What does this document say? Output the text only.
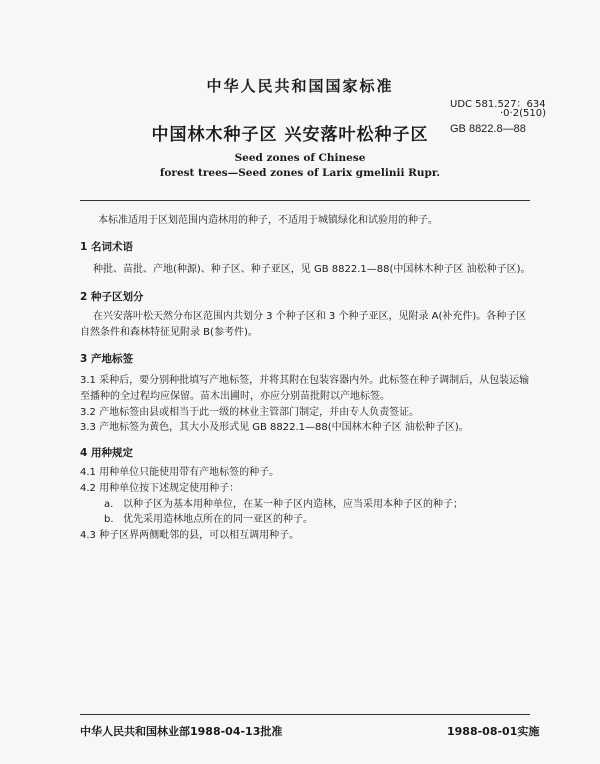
中华人民共和国国家标准
UDC 581.527：634
·0·2(510)
中国林木种子区 兴安落叶松种子区	GB 8822.8—88
Seed zones of Chinese
forest trees—Seed zones of Larix gmelinii Rupr.
本标准适用于区划范围内造林用的种子，不适用于城镇绿化和试验用的种子。
1 名词术语
种批、苗批、产地(种源)、种子区、种子亚区，见 GB 8822.1—88(中国林木种子区 油松种子区)。
2 种子区划分
在兴安落叶松天然分布区范围内共划分 3 个种子区和 3 个种子亚区，见附录 A(补充件)。各种子区
自然条件和森林特征见附录 B(参考件)。
3 产地标签
3.1 采种后，要分别种批填写产地标签，并将其附在包装容器内外。此标签在种子调制后，从包装运输
至播种的全过程均应保留。苗木出圃时，亦应分别苗批附以产地标签。
3.2 产地标签由县或相当于此一级的林业主管部门制定，并由专人负责签证。
3.3 产地标签为黄色，其大小及形式见 GB 8822.1—88(中国林木种子区 油松种子区)。
4 用种规定
4.1 用种单位只能使用带有产地标签的种子。
4.2 用种单位按下述规定使用种子：
a. 以种子区为基本用种单位，在某一种子区内造林，应当采用本种子区的种子；
b. 优先采用造林地点所在的同一亚区的种子。
4.3 种子区界两侧毗邻的县，可以相互调用种子。
中华人民共和国林业部1988-04-13批准	1988-08-01实施
